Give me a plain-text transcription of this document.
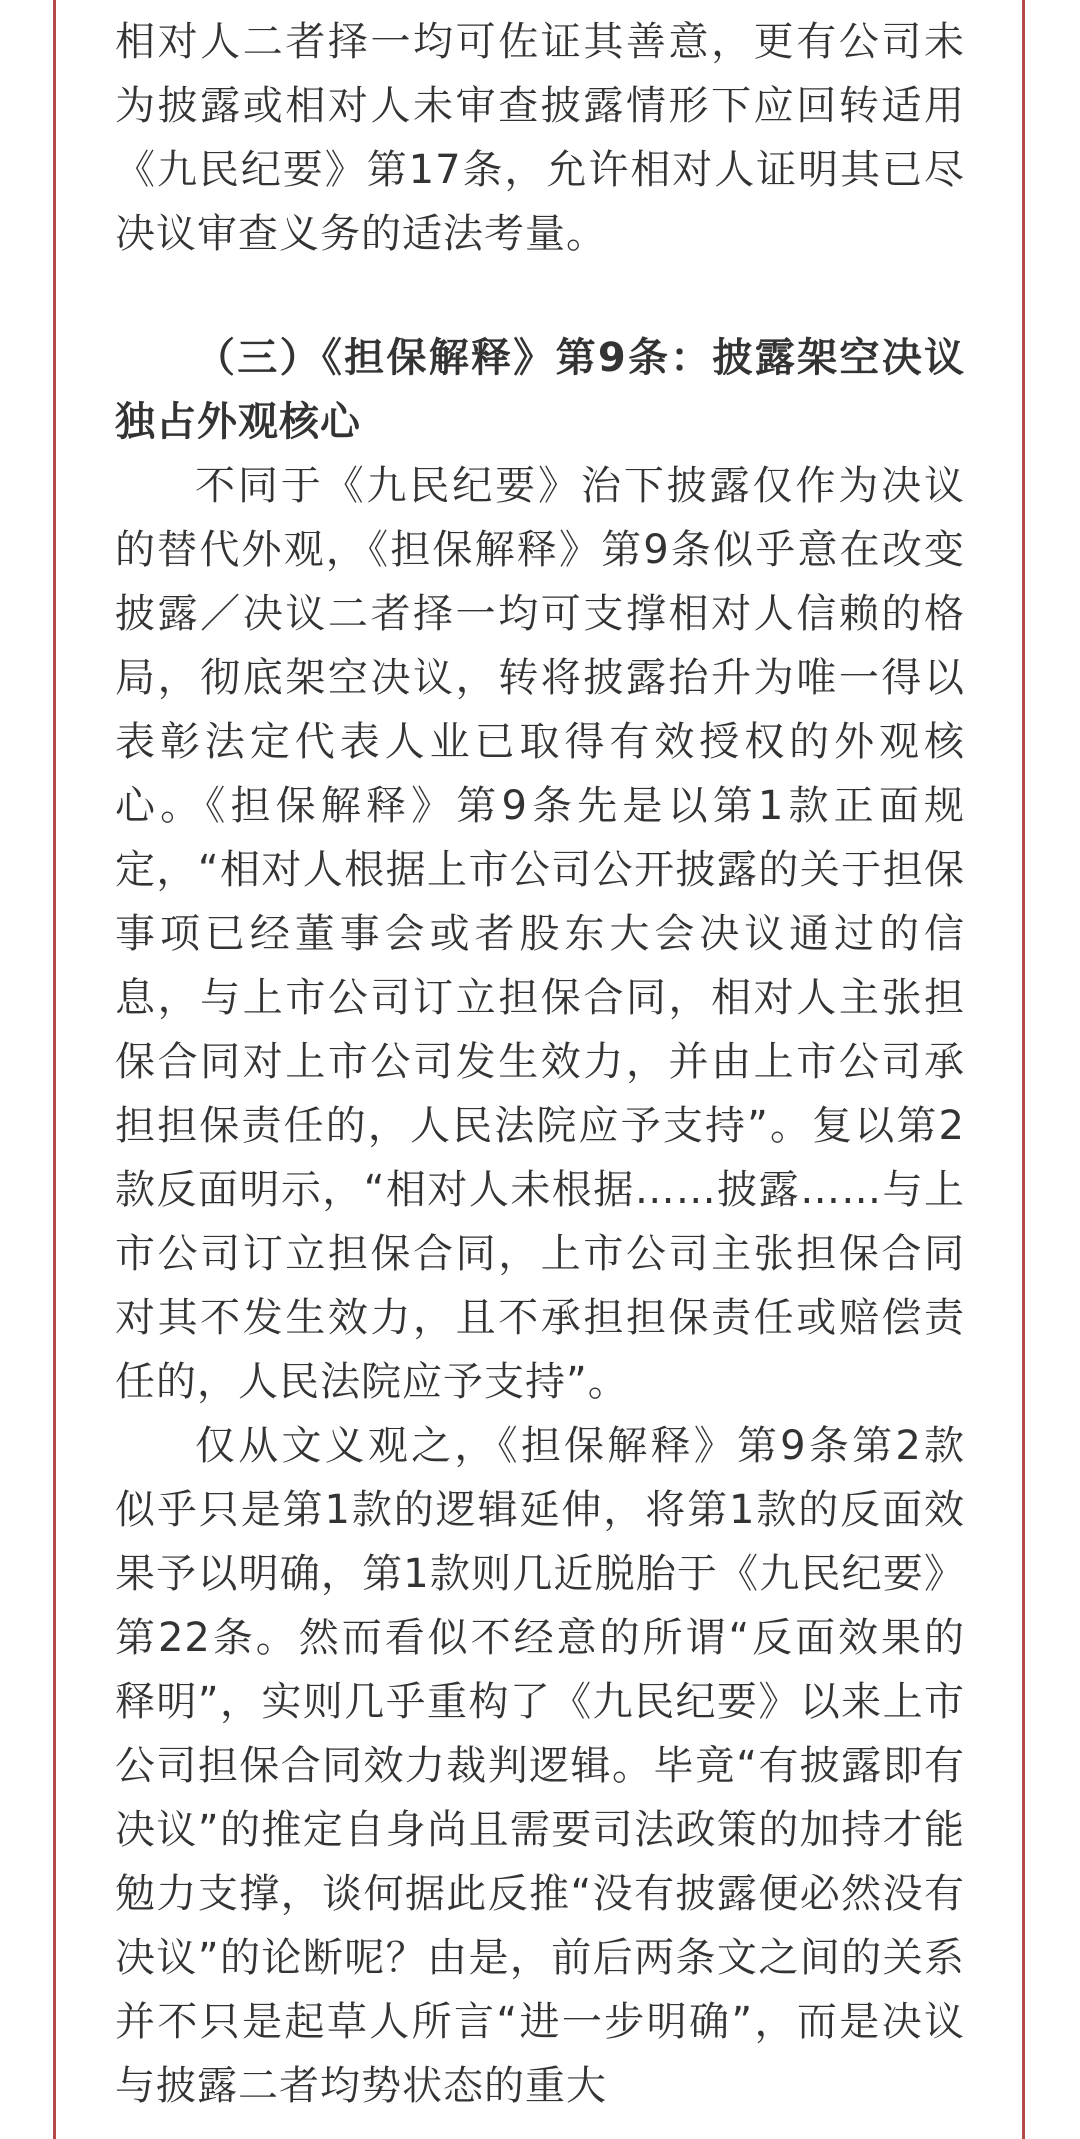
相对人二者择一均可佐证其善意，更有公司未为披露或相对人未审查披露情形下应回转适用《九民纪要》第17条，允许相对人证明其已尽决议审查义务的适法考量。

（三）《担保解释》第9条：披露架空决议独占外观核心

不同于《九民纪要》治下披露仅作为决议的替代外观，《担保解释》第9条似乎意在改变披露／决议二者择一均可支撑相对人信赖的格局，彻底架空决议，转将披露抬升为唯一得以表彰法定代表人业已取得有效授权的外观核心。《担保解释》第9条先是以第1款正面规定，“相对人根据上市公司公开披露的关于担保事项已经董事会或者股东大会决议通过的信息，与上市公司订立担保合同，相对人主张担保合同对上市公司发生效力，并由上市公司承担担保责任的，人民法院应予支持”。复以第2款反面明示，“相对人未根据……披露……与上市公司订立担保合同，上市公司主张担保合同对其不发生效力，且不承担担保责任或赔偿责任的，人民法院应予支持”。

仅从文义观之，《担保解释》第9条第2款似乎只是第1款的逻辑延伸，将第1款的反面效果予以明确，第1款则几近脱胎于《九民纪要》第22条。然而看似不经意的所谓“反面效果的释明”，实则几乎重构了《九民纪要》以来上市公司担保合同效力裁判逻辑。毕竟“有披露即有决议”的推定自身尚且需要司法政策的加持才能勉力支撑，谈何据此反推“没有披露便必然没有决议”的论断呢？由是，前后两条文之间的关系并不只是起草人所言“进一步明确”，而是决议与披露二者均势状态的重大
